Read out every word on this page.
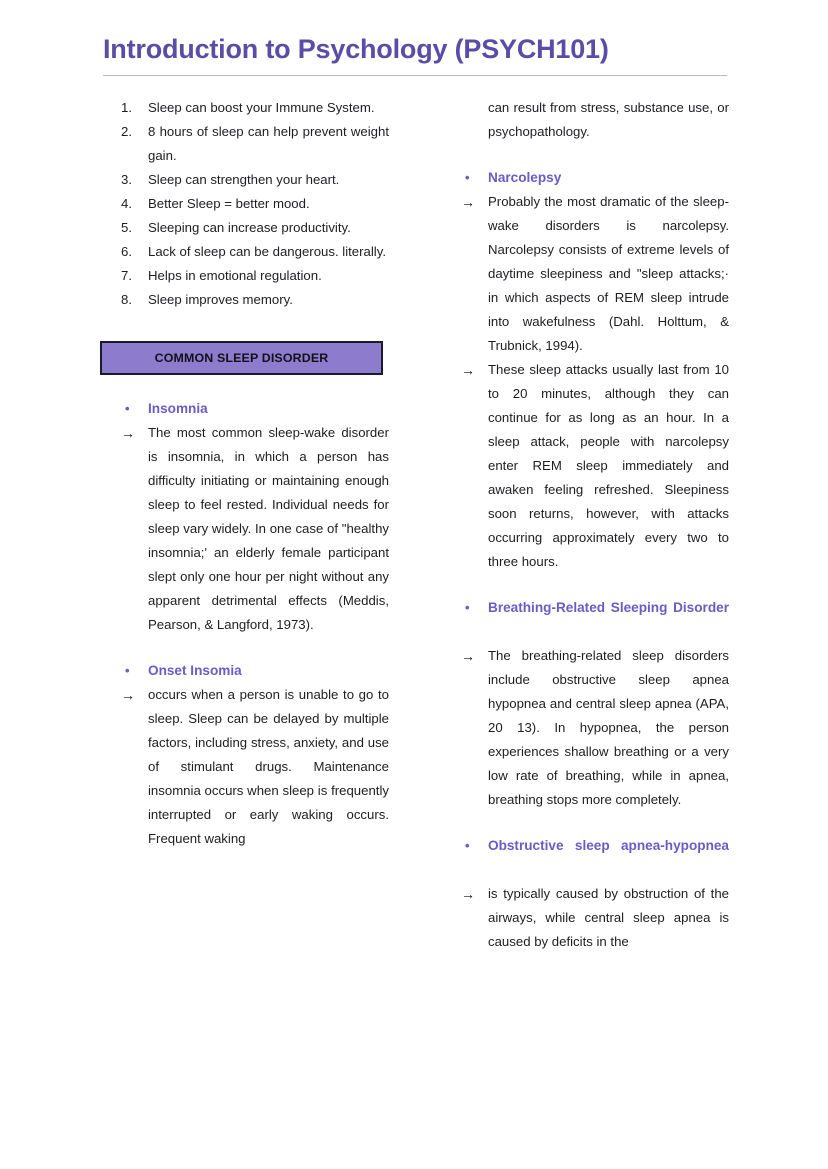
Introduction to Psychology (PSYCH101)
1.	Sleep can boost your Immune System.
2.	8 hours of sleep can help prevent weight gain.
3.	Sleep can strengthen your heart.
4.	Better Sleep = better mood.
5.	Sleeping can increase productivity.
6.	Lack of sleep can be dangerous. literally.
7.	Helps in emotional regulation.
8.	Sleep improves memory.
COMMON SLEEP DISORDER
• Insomnia
→ The most common sleep-wake disorder is insomnia, in which a person has difficulty initiating or maintaining enough sleep to feel rested. Individual needs for sleep vary widely. In one case of "healthy insomnia;' an elderly female participant slept only one hour per night without any apparent detrimental effects (Meddis, Pearson, & Langford, 1973).
• Onset Insomia
→ occurs when a person is unable to go to sleep. Sleep can be delayed by multiple factors, including stress, anxiety, and use of stimulant drugs. Maintenance insomnia occurs when sleep is frequently interrupted or early waking occurs. Frequent waking
can result from stress, substance use, or psychopathology.
• Narcolepsy
→ Probably the most dramatic of the sleep-wake disorders is narcolepsy. Narcolepsy consists of extreme levels of daytime sleepiness and "sleep attacks;· in which aspects of REM sleep intrude into wakefulness (Dahl. Holttum, & Trubnick, 1994).
→ These sleep attacks usually last from 10 to 20 minutes, although they can continue for as long as an hour. In a sleep attack, people with narcolepsy enter REM sleep immediately and awaken feeling refreshed. Sleepiness soon returns, however, with attacks occurring approximately every two to three hours.
• Breathing-Related Sleeping Disorder
→ The breathing-related sleep disorders include obstructive sleep apnea hypopnea and central sleep apnea (APA, 20 13). In hypopnea, the person experiences shallow breathing or a very low rate of breathing, while in apnea, breathing stops more completely.
• Obstructive sleep apnea-hypopnea
→ is typically caused by obstruction of the airways, while central sleep apnea is caused by deficits in the
